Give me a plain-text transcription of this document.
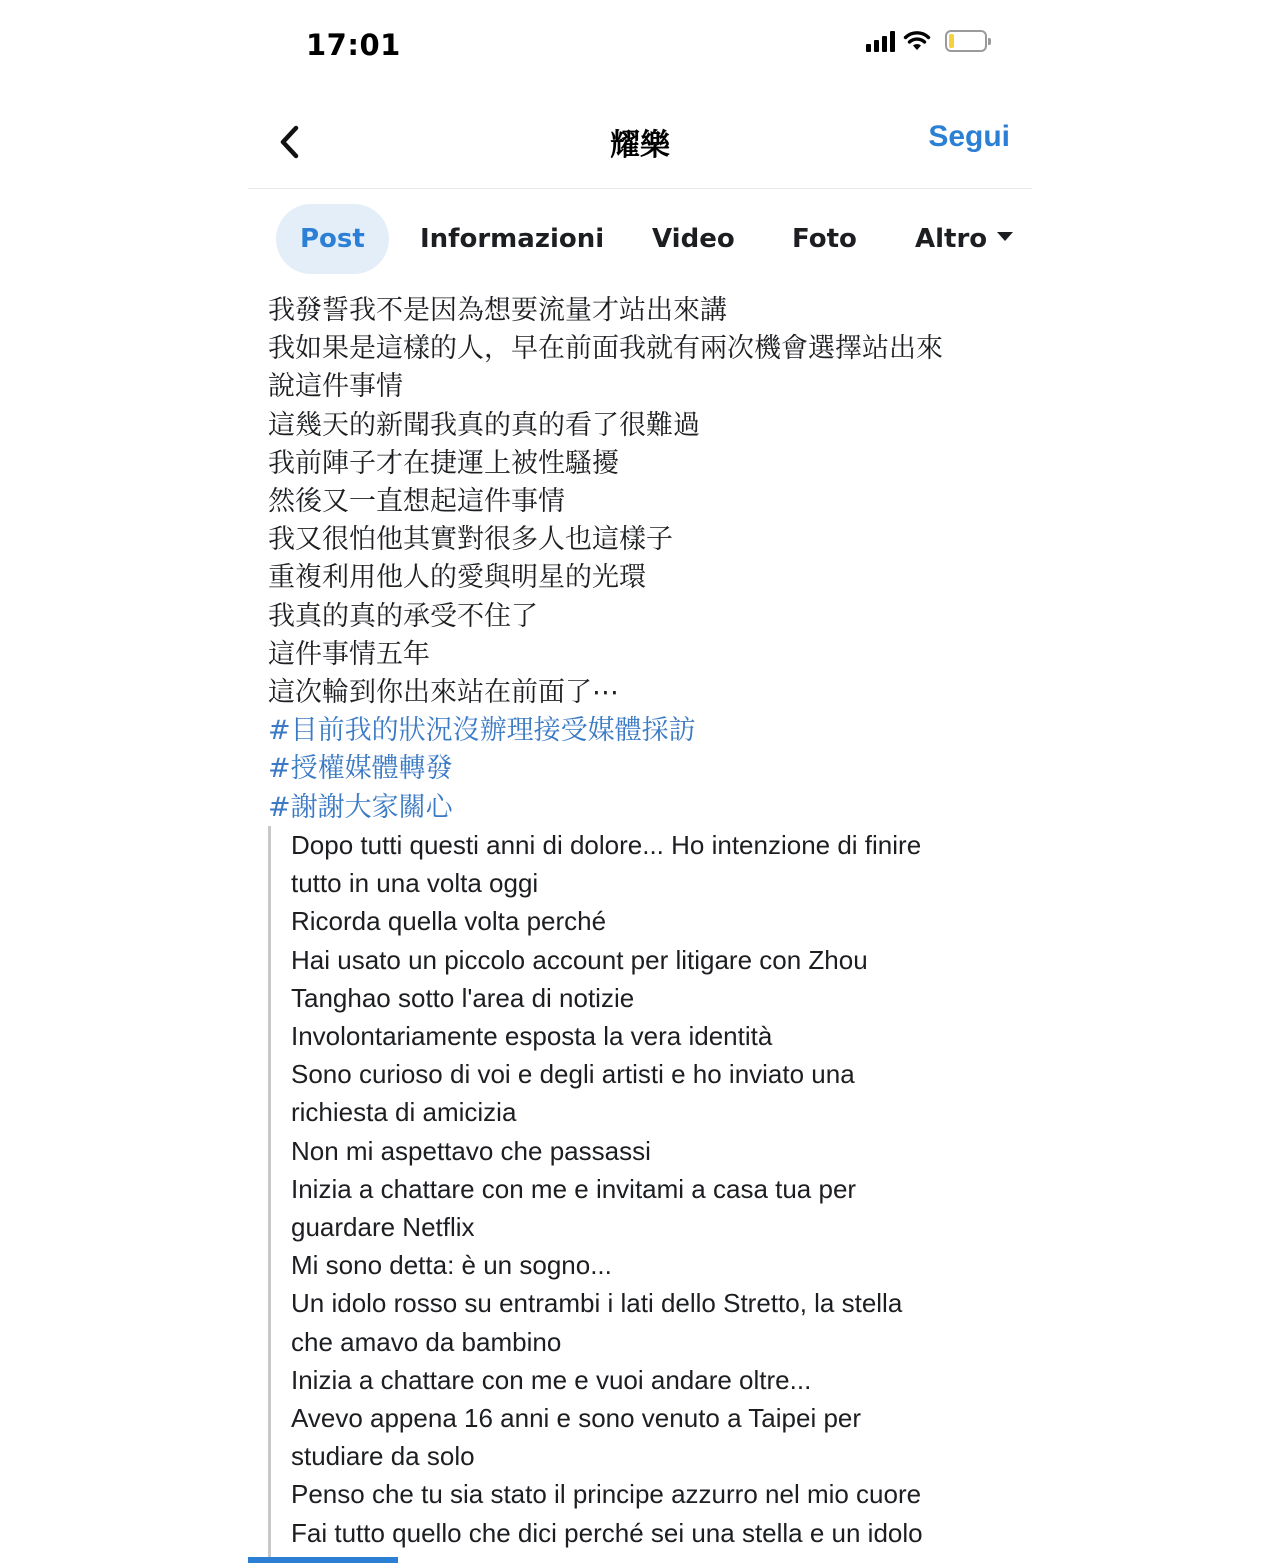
17:01
耀樂	Segui
Post	Informazioni Video Foto Altro
我發誓我不是因為想要流量才站出來講
我如果是這樣的人，早在前面我就有兩次機會選擇站出來
說這件事情
這幾天的新聞我真的真的看了很難過
我前陣子才在捷運上被性騷擾
然後又一直想起這件事情
我又很怕他其實對很多人也這樣子
重複利用他人的愛與明星的光環
我真的真的承受不住了
這件事情五年
這次輪到你出來站在前面了⋯
#目前我的狀況沒辦理接受媒體採訪
#授權媒體轉發
#謝謝大家關心
Dopo tutti questi anni di dolore... Ho intenzione di finire
tutto in una volta oggi
Ricorda quella volta perché
Hai usato un piccolo account per litigare con Zhou
Tanghao sotto l'area di notizie
Involontariamente esposta la vera identità
Sono curioso di voi e degli artisti e ho inviato una
richiesta di amicizia
Non mi aspettavo che passassi
Inizia a chattare con me e invitami a casa tua per
guardare Netflix
Mi sono detta: è un sogno...
Un idolo rosso su entrambi i lati dello Stretto, la stella
che amavo da bambino
Inizia a chattare con me e vuoi andare oltre...
Avevo appena 16 anni e sono venuto a Taipei per
studiare da solo
Penso che tu sia stato il principe azzurro nel mio cuore
Fai tutto quello che dici perché sei una stella e un idolo
